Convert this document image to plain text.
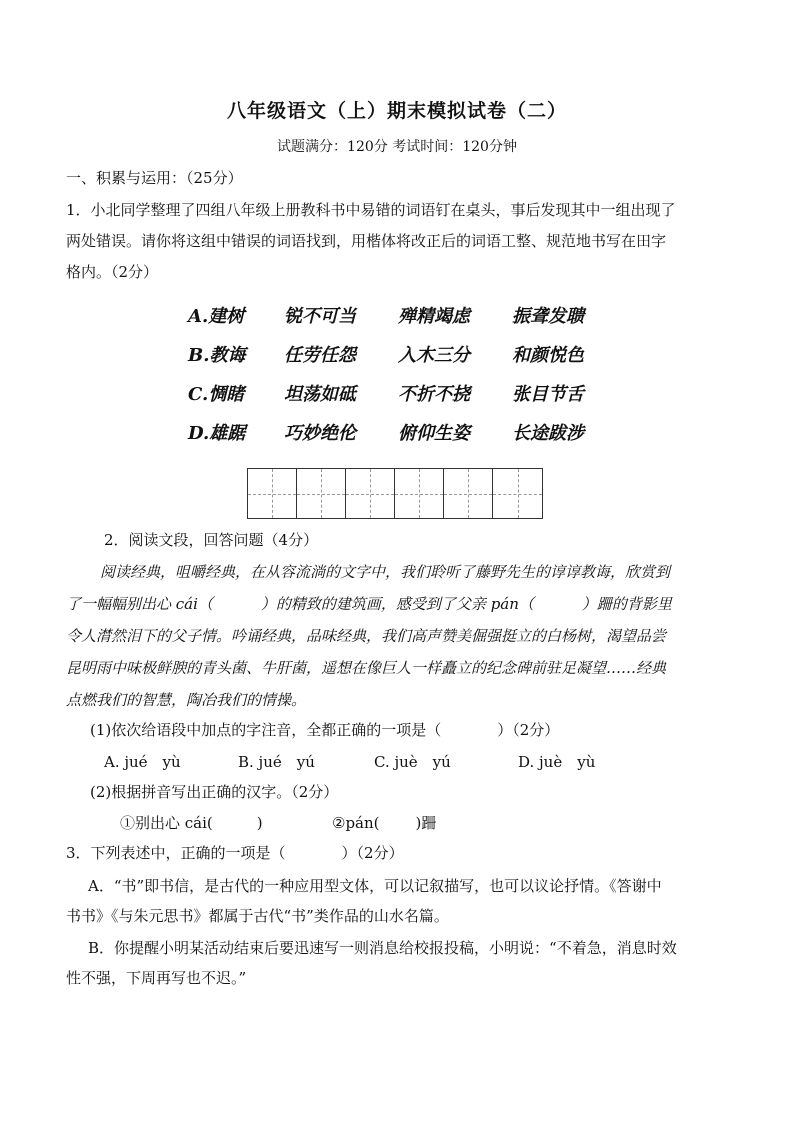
八年级语文（上）期末模拟试卷（二）
试题满分：120分 考试时间：120分钟
一、积累与运用：（25分）
1．小北同学整理了四组八年级上册教科书中易错的词语钉在桌头，事后发现其中一组出现了
两处错误。请你将这组中错误的词语找到，用楷体将改正后的词语工整、规范地书写在田字
格内。（2分）
A.建树 锐不可当 殚精竭虑 振聋发聩
B.教诲 任劳任怨 入木三分 和颜悦色
C.惆睹 坦荡如砥 不折不挠 张目节舌
D.雄踞 巧妙绝伦 俯仰生姿 长途跋涉
2．阅读文段，回答问题（4分）
阅读经典，咀嚼经典，在从容流淌的文字中，我们聆听了藤野先生的谆谆教诲，欣赏到
了一幅幅别出心 cái（	）的精致的建筑画，感受到了父亲 pán（	）跚的背影里
令人潸然泪下的父子情。吟诵经典，品味经典，我们高声赞美倔强挺立的白杨树，渴望品尝
昆明雨中味极鲜腴的青头菌、牛肝菌，遥想在像巨人一样矗立的纪念碑前驻足凝望……经典
点燃我们的智慧，陶冶我们的情操。
(1)依次给语段中加点的字注音，全都正确的一项是（	）（2分）
A. jué　yù	B. jué　yú	C. juè　yú	D. juè　yù
(2)根据拼音写出正确的汉字。（2分）
①别出心 cái(	)	②pán( )跚
3．下列表述中，正确的一项是（	）（2分）
A．“书”即书信，是古代的一种应用型文体，可以记叙描写，也可以议论抒情。《答谢中
书书》《与朱元思书》都属于古代“书”类作品的山水名篇。
B．你提醒小明某活动结束后要迅速写一则消息给校报投稿，小明说：“不着急，消息时效
性不强，下周再写也不迟。”
